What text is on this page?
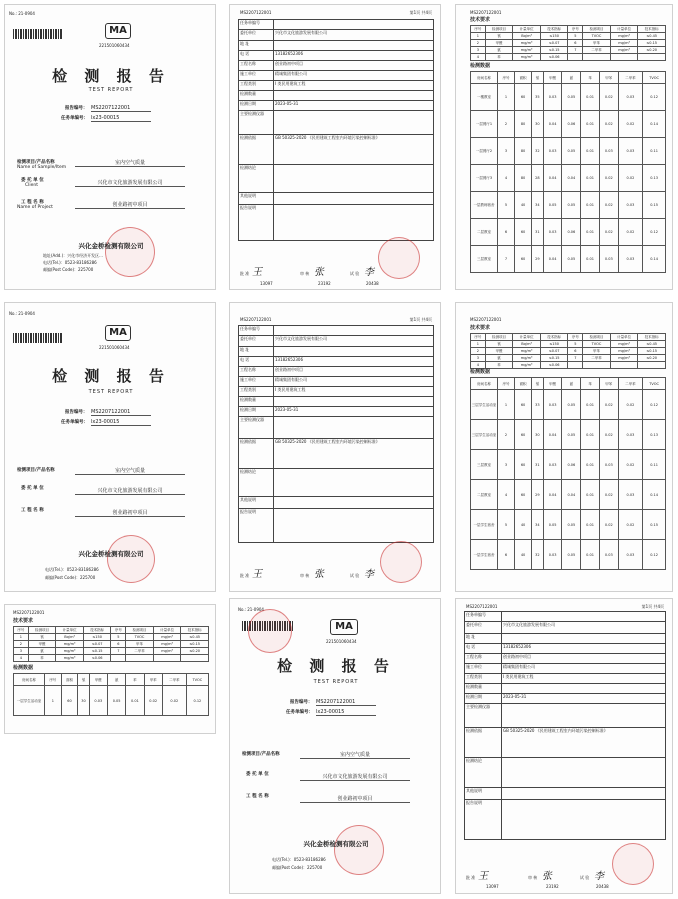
No.: 21-0904
MA
221501060434
检 测 报 告
TEST REPORT
报告编号： MS2207122001
任务单编号： lx23-00015
检测项目/产品名称
Name of Sample/Item
室内空气质量
委 托 单 位
Client	兴化市文化旅游发展有限公司
工 程 名 称
Name of Project	创业路初中项目
兴化金桥检测有限公司
地址(Add.)：兴化市经济开发区...
电话(Tel.)：0523-83186286
邮编(Post Code)：225700
MS2207122001	第1页 共4页
任务单编号	
委托单位	兴化市文化旅游发展有限公司
地 址	
电 话	13182652306
工程名称	创业路初中项目
施工单位	精诚集团有限公司
工程类别	I 类民用建筑工程
检测数量	
检测日期	2023-05-31
主要检测仪器	
检测依据	GB 50325-2020 《民用建筑工程室内环境污染控制标准》
检测结论	
其他说明	
报告说明	
批 准 王	审 核 张	试 验 李
13097	23192	20438
MS2207122001
技术要求
序号	检测项目	计量单位	技术指标	序号	检测项目	计量单位	技术指标
1	氡	Bq/m³	≤150	5	TVOC	mg/m³	≤0.45
2	甲醛	mg/m³	≤0.07	6	甲苯	mg/m³	≤0.15
3	氨	mg/m³	≤0.15	7	二甲苯	mg/m³	≤0.20
4	苯	mg/m³	≤0.06				
检测数据
房间名称	序号	面积	氡	甲醛	氨	苯	甲苯	二甲苯	TVOC
一楼教室	1	60	35	0.03	0.05	0.01	0.02	0.03	0.12
一层餐厅1	2	80	30	0.04	0.06	0.01	0.02	0.02	0.14
一层餐厅2	3	80	32	0.03	0.05	0.01	0.03	0.03	0.11
一层餐厅3	4	80	28	0.04	0.04	0.01	0.02	0.02	0.13
一层教师宿舍	5	40	34	0.05	0.05	0.01	0.02	0.03	0.15
二层教室	6	60	31	0.03	0.06	0.01	0.02	0.02	0.12
三层教室	7	60	29	0.04	0.05	0.01	0.03	0.03	0.14
No.: 21-0904
MA
221501060434
检 测 报 告
TEST REPORT
报告编号： MS2207122001
任务单编号： lx23-00015
检测项目/产品名称	室内空气质量
委 托 单 位	兴化市文化旅游发展有限公司
工 程 名 称	创业路初中项目
兴化金桥检测有限公司
电话(Tel.)：0523-83186286
邮编(Post Code)：225700
MS2207122001	第1页 共4页
任务单编号	
委托单位	兴化市文化旅游发展有限公司
地 址	
电 话	13182652306
工程名称	创业路初中项目
施工单位	精诚集团有限公司
工程类别	I 类民用建筑工程
检测数量	
检测日期	2023-05-31
主要检测仪器	
检测依据	GB 50325-2020 《民用建筑工程室内环境污染控制标准》
检测结论	
其他说明	
报告说明	
王	张	李
批 准	审 核	试 验
MS2207122001
技术要求
序号	检测项目	计量单位	技术指标	序号	检测项目	计量单位	技术指标
1	氡	Bq/m³	≤150	5	TVOC	mg/m³	≤0.45
2	甲醛	mg/m³	≤0.07	6	甲苯	mg/m³	≤0.15
3	氨	mg/m³	≤0.15	7	二甲苯	mg/m³	≤0.20
4	苯	mg/m³	≤0.06				
检测数据
房间名称	序号	面积	氡	甲醛	氨	苯	甲苯	二甲苯	TVOC
三层学生活动室	1	60	33	0.03	0.05	0.01	0.02	0.02	0.12
三层学生活动室	2	60	30	0.04	0.05	0.01	0.02	0.03	0.13
三层教室	3	60	31	0.03	0.06	0.01	0.03	0.02	0.11
二层教室	4	60	29	0.04	0.04	0.01	0.02	0.03	0.14
一层学生宿舍	5	40	34	0.05	0.05	0.01	0.02	0.02	0.15
一层学生宿舍	6	40	32	0.03	0.05	0.01	0.03	0.03	0.12
MS2207122001
技术要求
序号	检测项目	计量单位	技术指标	序号	检测项目	计量单位	技术指标
1	氡	Bq/m³	≤150	5	TVOC	mg/m³	≤0.45
2	甲醛	mg/m³	≤0.07	6	甲苯	mg/m³	≤0.15
3	氨	mg/m³	≤0.15	7	二甲苯	mg/m³	≤0.20
4	苯	mg/m³	≤0.06				
检测数据
房间名称	序号	面积	氡	甲醛	氨	苯	甲苯	二甲苯	TVOC
一层学生活动室	1	60	30	0.03	0.05	0.01	0.02	0.02	0.12
No.: 21-0904
MA
221501060434
检 测 报 告
TEST REPORT
报告编号： MS2207122001
任务单编号： lx23-00015
检测项目/产品名称	室内空气质量
委 托 单 位	兴化市文化旅游发展有限公司
工 程 名 称	创业路初中项目
兴化金桥检测有限公司
电话(Tel.)：0523-83186286
邮编(Post Code)：225700
MS2207122001	第1页 共4页
任务单编号	
委托单位	兴化市文化旅游发展有限公司
地 址	
电 话	13182652306
工程名称	创业路初中项目
施工单位	精诚集团有限公司
工程类别	I 类民用建筑工程
检测数量	
检测日期	2023-05-31
主要检测仪器	
检测依据	GB 50325-2020 《民用建筑工程室内环境污染控制标准》
检测结论	
其他说明	
报告说明	
王	张	李
批 准	审 核	试 验
13097	23192	20438
